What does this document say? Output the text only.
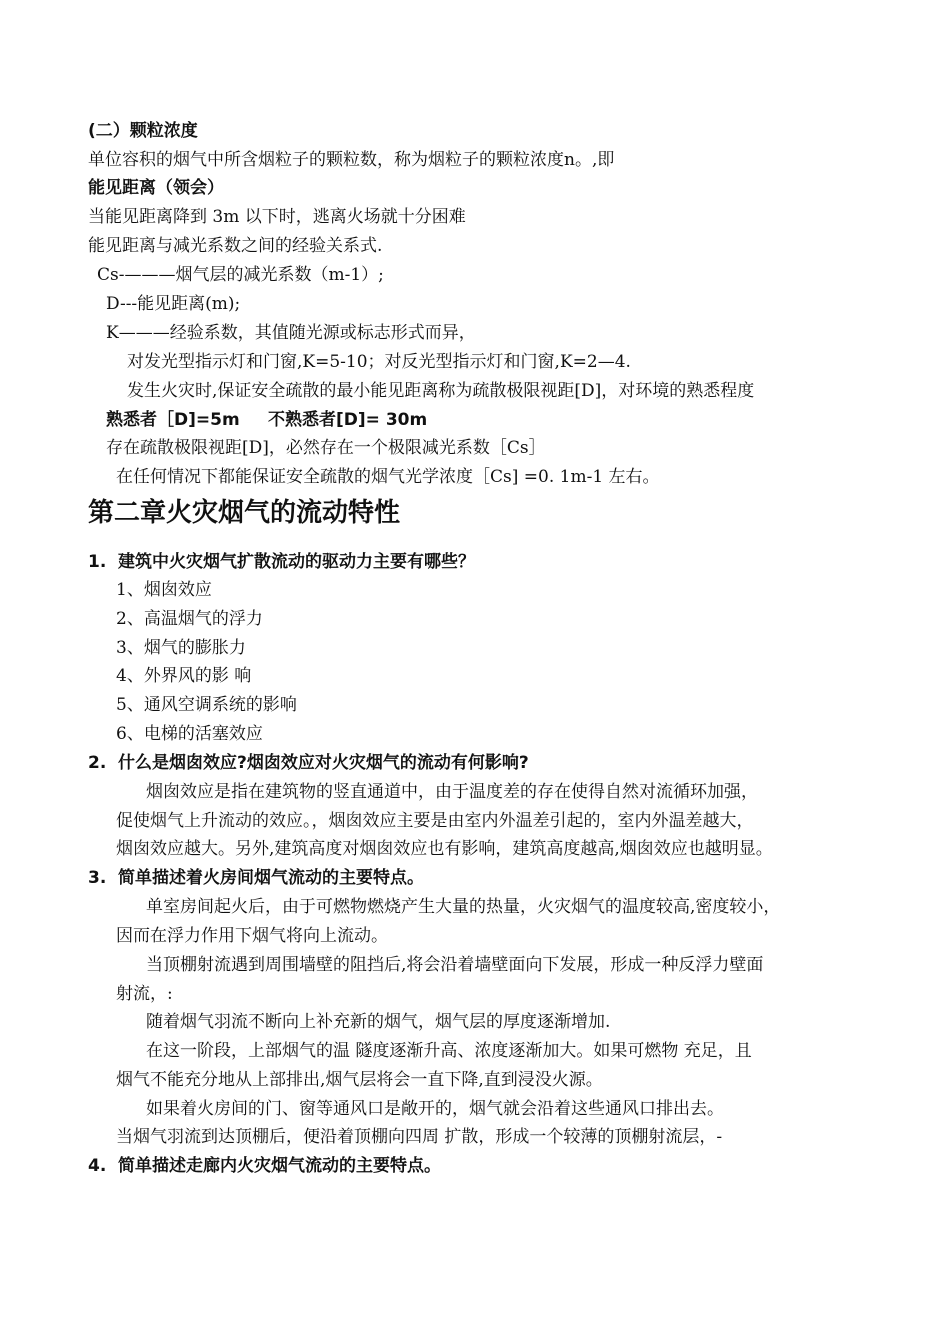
(二）颗粒浓度
单位容积的烟气中所含烟粒子的颗粒数，称为烟粒子的颗粒浓度n。,即
能见距离（领会）
当能见距离降到 3m 以下时，逃离火场就十分困难
能见距离与减光系数之间的经验关系式.
Cs-———烟气层的减光系数（m-1）;
D---能见距离(m);
K———经验系数，其值随光源或标志形式而异，
对发光型指示灯和门窗,K=5-10；对反光型指示灯和门窗,K=2—4.
发生火灾时,保证安全疏散的最小能见距离称为疏散极限视距[D]，对环境的熟悉程度
熟悉者［D]=5m 不熟悉者[D]= 30m
存在疏散极限视距[D]，必然存在一个极限减光系数［Cs］
在任何情况下都能保证安全疏散的烟气光学浓度［Cs] =0. 1m-1 左右。
第二章火灾烟气的流动特性
1. 建筑中火灾烟气扩散流动的驱动力主要有哪些？
1、烟囱效应
2、高温烟气的浮力
3、烟气的膨胀力
4、外界风的影 响
5、通风空调系统的影响
6、电梯的活塞效应
2. 什么是烟囱效应?烟囱效应对火灾烟气的流动有何影响?
烟囱效应是指在建筑物的竖直通道中，由于温度差的存在使得自然对流循环加强，
促使烟气上升流动的效应。，烟囱效应主要是由室内外温差引起的，室内外温差越大，
烟囱效应越大。另外,建筑高度对烟囱效应也有影响，建筑高度越高,烟囱效应也越明显。
3. 简单描述着火房间烟气流动的主要特点。
单室房间起火后，由于可燃物燃烧产生大量的热量，火灾烟气的温度较高,密度较小，
因而在浮力作用下烟气将向上流动。
当顶棚射流遇到周围墙壁的阻挡后,将会沿着墙壁面向下发展，形成一种反浮力壁面
射流，:
随着烟气羽流不断向上补充新的烟气，烟气层的厚度逐渐增加.
在这一阶段，上部烟气的温 隧度逐渐升高、浓度逐渐加大。如果可燃物 充足，且
烟气不能充分地从上部排出,烟气层将会一直下降,直到浸没火源。
如果着火房间的门、窗等通风口是敞开的，烟气就会沿着这些通风口排出去。
当烟气羽流到达顶棚后，便沿着顶棚向四周 扩散，形成一个较薄的顶棚射流层，-
4. 简单描述走廊内火灾烟气流动的主要特点。
